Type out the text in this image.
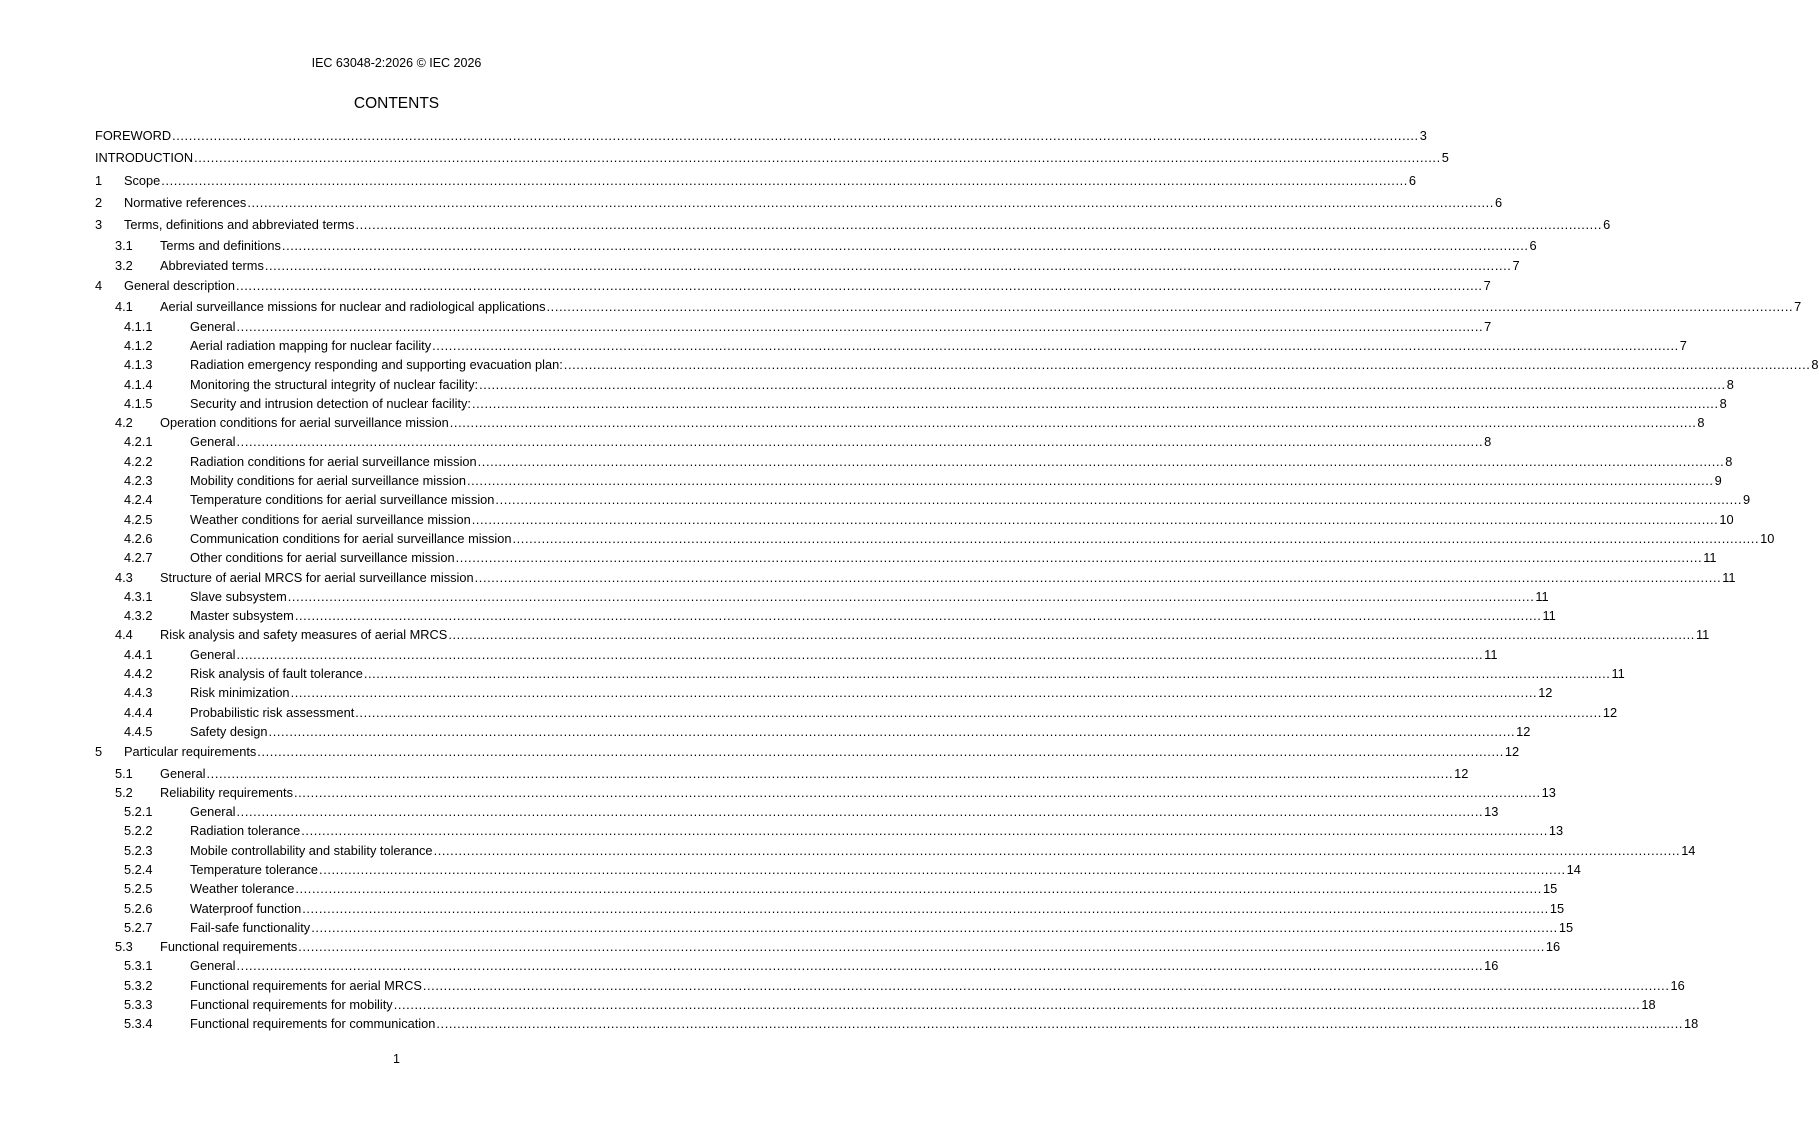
IEC 63048-2:2026 © IEC 2026
CONTENTS
FOREWORD ............................................................................................................................................................................................................................................................................................................ 3
INTRODUCTION ............................................................................................................................................................................................................................................................................................................ 5
1 Scope ............................................................................................................................................................................................................................................................................................................ 6
2 Normative references ............................................................................................................................................................................................................................................................................................................ 6
3 Terms, definitions and abbreviated terms ............................................................................................................................................................................................................................................................................................................ 6
3.1 Terms and definitions ............................................................................................................................................................................................................................................................................................................ 6
3.2 Abbreviated terms ............................................................................................................................................................................................................................................................................................................ 7
4 General description ............................................................................................................................................................................................................................................................................................................ 7
4.1 Aerial surveillance missions for nuclear and radiological applications ............................................................................................................................................................................................................................................................................................................ 7
4.1.1	General ............................................................................................................................................................................................................................................................................................................ 7
4.1.2	Aerial radiation mapping for nuclear facility ............................................................................................................................................................................................................................................................................................................ 7
4.1.3	Radiation emergency responding and supporting evacuation plan: ............................................................................................................................................................................................................................................................................................................ 8
4.1.4	Monitoring the structural integrity of nuclear facility: ............................................................................................................................................................................................................................................................................................................ 8
4.1.5	Security and intrusion detection of nuclear facility: ............................................................................................................................................................................................................................................................................................................ 8
4.2 Operation conditions for aerial surveillance mission ............................................................................................................................................................................................................................................................................................................ 8
4.2.1	General ............................................................................................................................................................................................................................................................................................................ 8
4.2.2	Radiation conditions for aerial surveillance mission ............................................................................................................................................................................................................................................................................................................ 8
4.2.3	Mobility conditions for aerial surveillance mission ............................................................................................................................................................................................................................................................................................................ 9
4.2.4	Temperature conditions for aerial surveillance mission ............................................................................................................................................................................................................................................................................................................ 9
4.2.5	Weather conditions for aerial surveillance mission ............................................................................................................................................................................................................................................................................................................ 10
4.2.6	Communication conditions for aerial surveillance mission ............................................................................................................................................................................................................................................................................................................ 10
4.2.7	Other conditions for aerial surveillance mission ............................................................................................................................................................................................................................................................................................................ 11
4.3 Structure of aerial MRCS for aerial surveillance mission ............................................................................................................................................................................................................................................................................................................ 11
4.3.1	Slave subsystem ............................................................................................................................................................................................................................................................................................................ 11
4.3.2	Master subsystem ............................................................................................................................................................................................................................................................................................................ 11
4.4 Risk analysis and safety measures of aerial MRCS ............................................................................................................................................................................................................................................................................................................ 11
4.4.1	General ............................................................................................................................................................................................................................................................................................................ 11
4.4.2	Risk analysis of fault tolerance ............................................................................................................................................................................................................................................................................................................ 11
4.4.3	Risk minimization ............................................................................................................................................................................................................................................................................................................ 12
4.4.4	Probabilistic risk assessment ............................................................................................................................................................................................................................................................................................................ 12
4.4.5	Safety design ............................................................................................................................................................................................................................................................................................................ 12
5 Particular requirements ............................................................................................................................................................................................................................................................................................................ 12
5.1 General ............................................................................................................................................................................................................................................................................................................ 12
5.2 Reliability requirements ............................................................................................................................................................................................................................................................................................................ 13
5.2.1	General ............................................................................................................................................................................................................................................................................................................ 13
5.2.2	Radiation tolerance ............................................................................................................................................................................................................................................................................................................ 13
5.2.3	Mobile controllability and stability tolerance ............................................................................................................................................................................................................................................................................................................ 14
5.2.4	Temperature tolerance ............................................................................................................................................................................................................................................................................................................ 14
5.2.5	Weather tolerance ............................................................................................................................................................................................................................................................................................................ 15
5.2.6	Waterproof function ............................................................................................................................................................................................................................................................................................................ 15
5.2.7	Fail-safe functionality ............................................................................................................................................................................................................................................................................................................ 15
5.3 Functional requirements ............................................................................................................................................................................................................................................................................................................ 16
5.3.1	General ............................................................................................................................................................................................................................................................................................................ 16
5.3.2	Functional requirements for aerial MRCS ............................................................................................................................................................................................................................................................................................................ 16
5.3.3	Functional requirements for mobility ............................................................................................................................................................................................................................................................................................................ 18
5.3.4	Functional requirements for communication ............................................................................................................................................................................................................................................................................................................ 18
1
